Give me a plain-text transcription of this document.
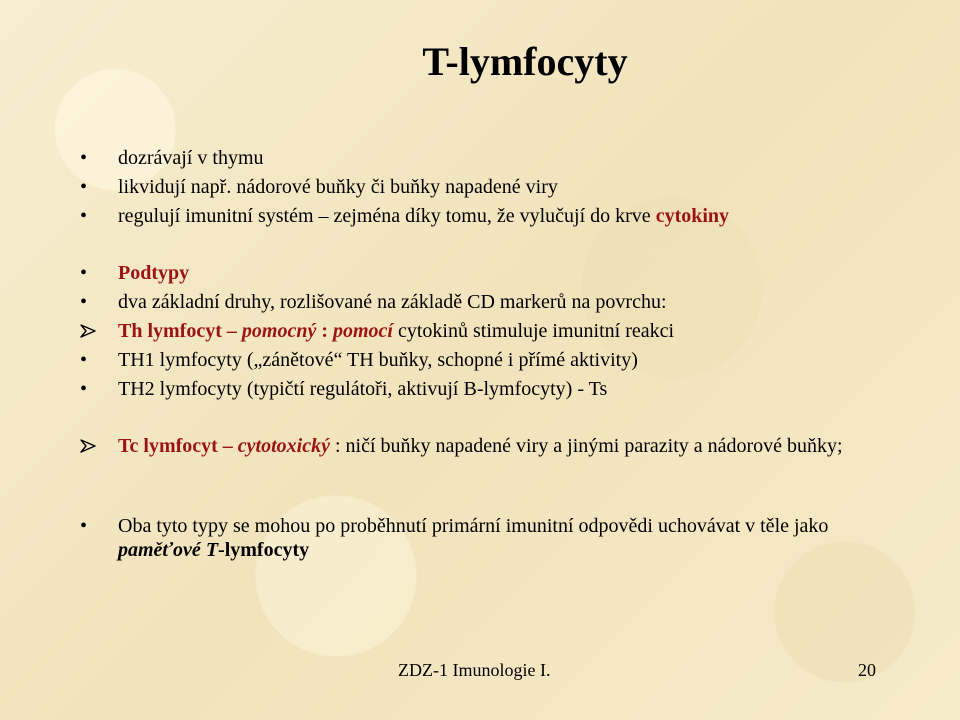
T-lymfocyty
•	dozrávají v thymu
•	likvidují např. nádorové buňky či buňky napadené viry
•	regulují imunitní systém – zejména díky tomu, že vylučují do krve cytokiny
•	Podtypy
•	dva základní druhy, rozlišované na základě CD markerů na povrchu:
Th lymfocyt – pomocný : pomocí cytokinů stimuluje imunitní reakci
•	TH1 lymfocyty („zánětové“ TH buňky, schopné i přímé aktivity)
•	TH2 lymfocyty (typičtí regulátoři, aktivují B-lymfocyty) - Ts
Tc lymfocyt – cytotoxický : ničí buňky napadené viry a jinými parazity a nádorové buňky;
•	Oba tyto typy se mohou po proběhnutí primární imunitní odpovědi uchovávat v těle jako paměťové T-lymfocyty
ZDZ-1 Imunologie I.	20
